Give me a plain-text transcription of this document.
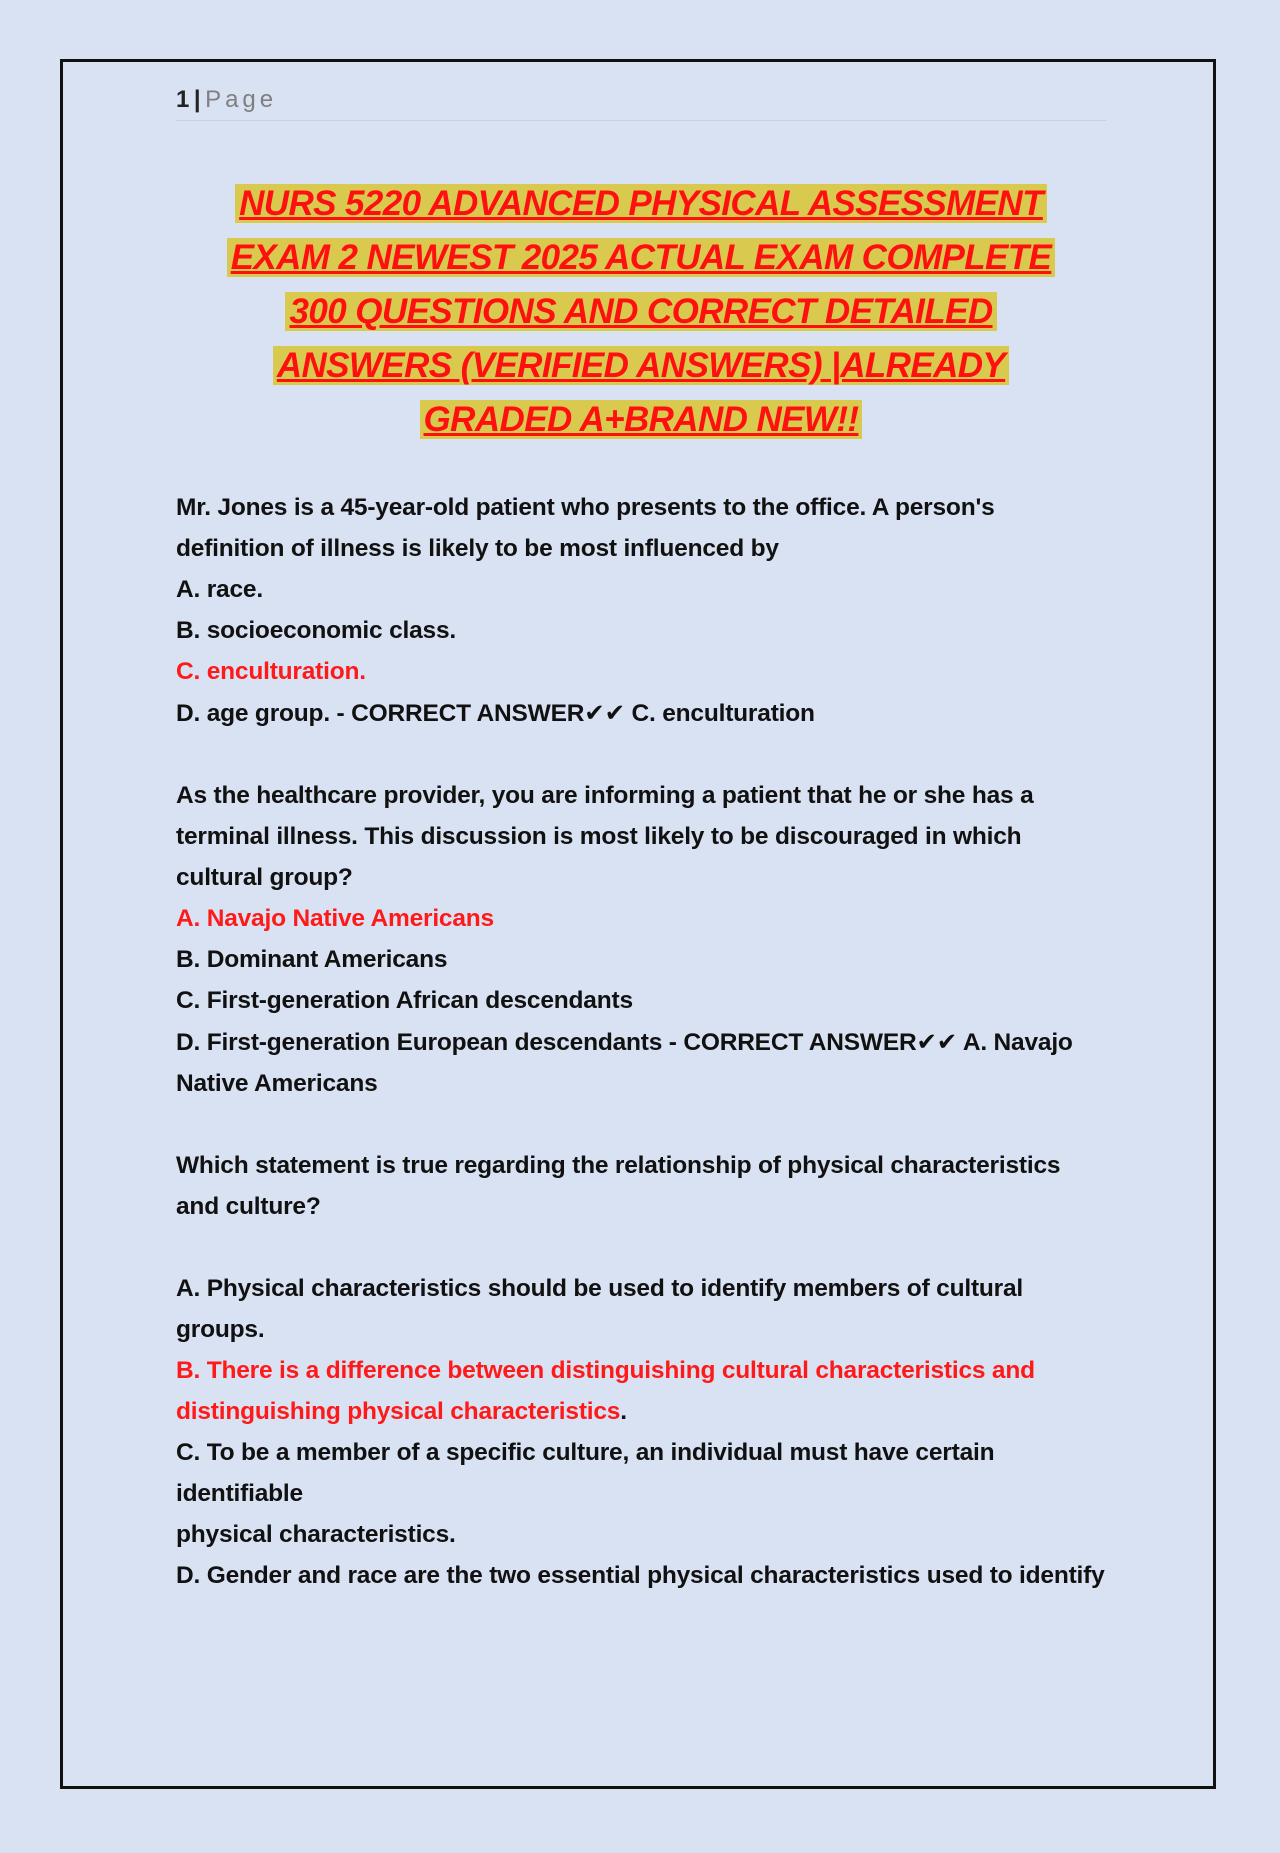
1 | Page
NURS 5220 ADVANCED PHYSICAL ASSESSMENT
EXAM 2 NEWEST 2025 ACTUAL EXAM COMPLETE
300 QUESTIONS AND CORRECT DETAILED
ANSWERS (VERIFIED ANSWERS) |ALREADY
GRADED A+BRAND NEW!!

Mr. Jones is a 45-year-old patient who presents to the office. A person's definition of illness is likely to be most influenced by

A. race.

B. socioeconomic class.

C. enculturation.

D. age group. - CORRECT ANSWER✔✔ C. enculturation

As the healthcare provider, you are informing a patient that he or she has a terminal illness. This discussion is most likely to be discouraged in which cultural group?

A. Navajo Native Americans

B. Dominant Americans

C. First-generation African descendants

D. First-generation European descendants - CORRECT ANSWER✔✔ A. Navajo Native Americans

Which statement is true regarding the relationship of physical characteristics and culture?

A. Physical characteristics should be used to identify members of cultural groups.

B. There is a difference between distinguishing cultural characteristics and distinguishing physical characteristics.

C. To be a member of a specific culture, an individual must have certain identifiable

physical characteristics.

D. Gender and race are the two essential physical characteristics used to identify
